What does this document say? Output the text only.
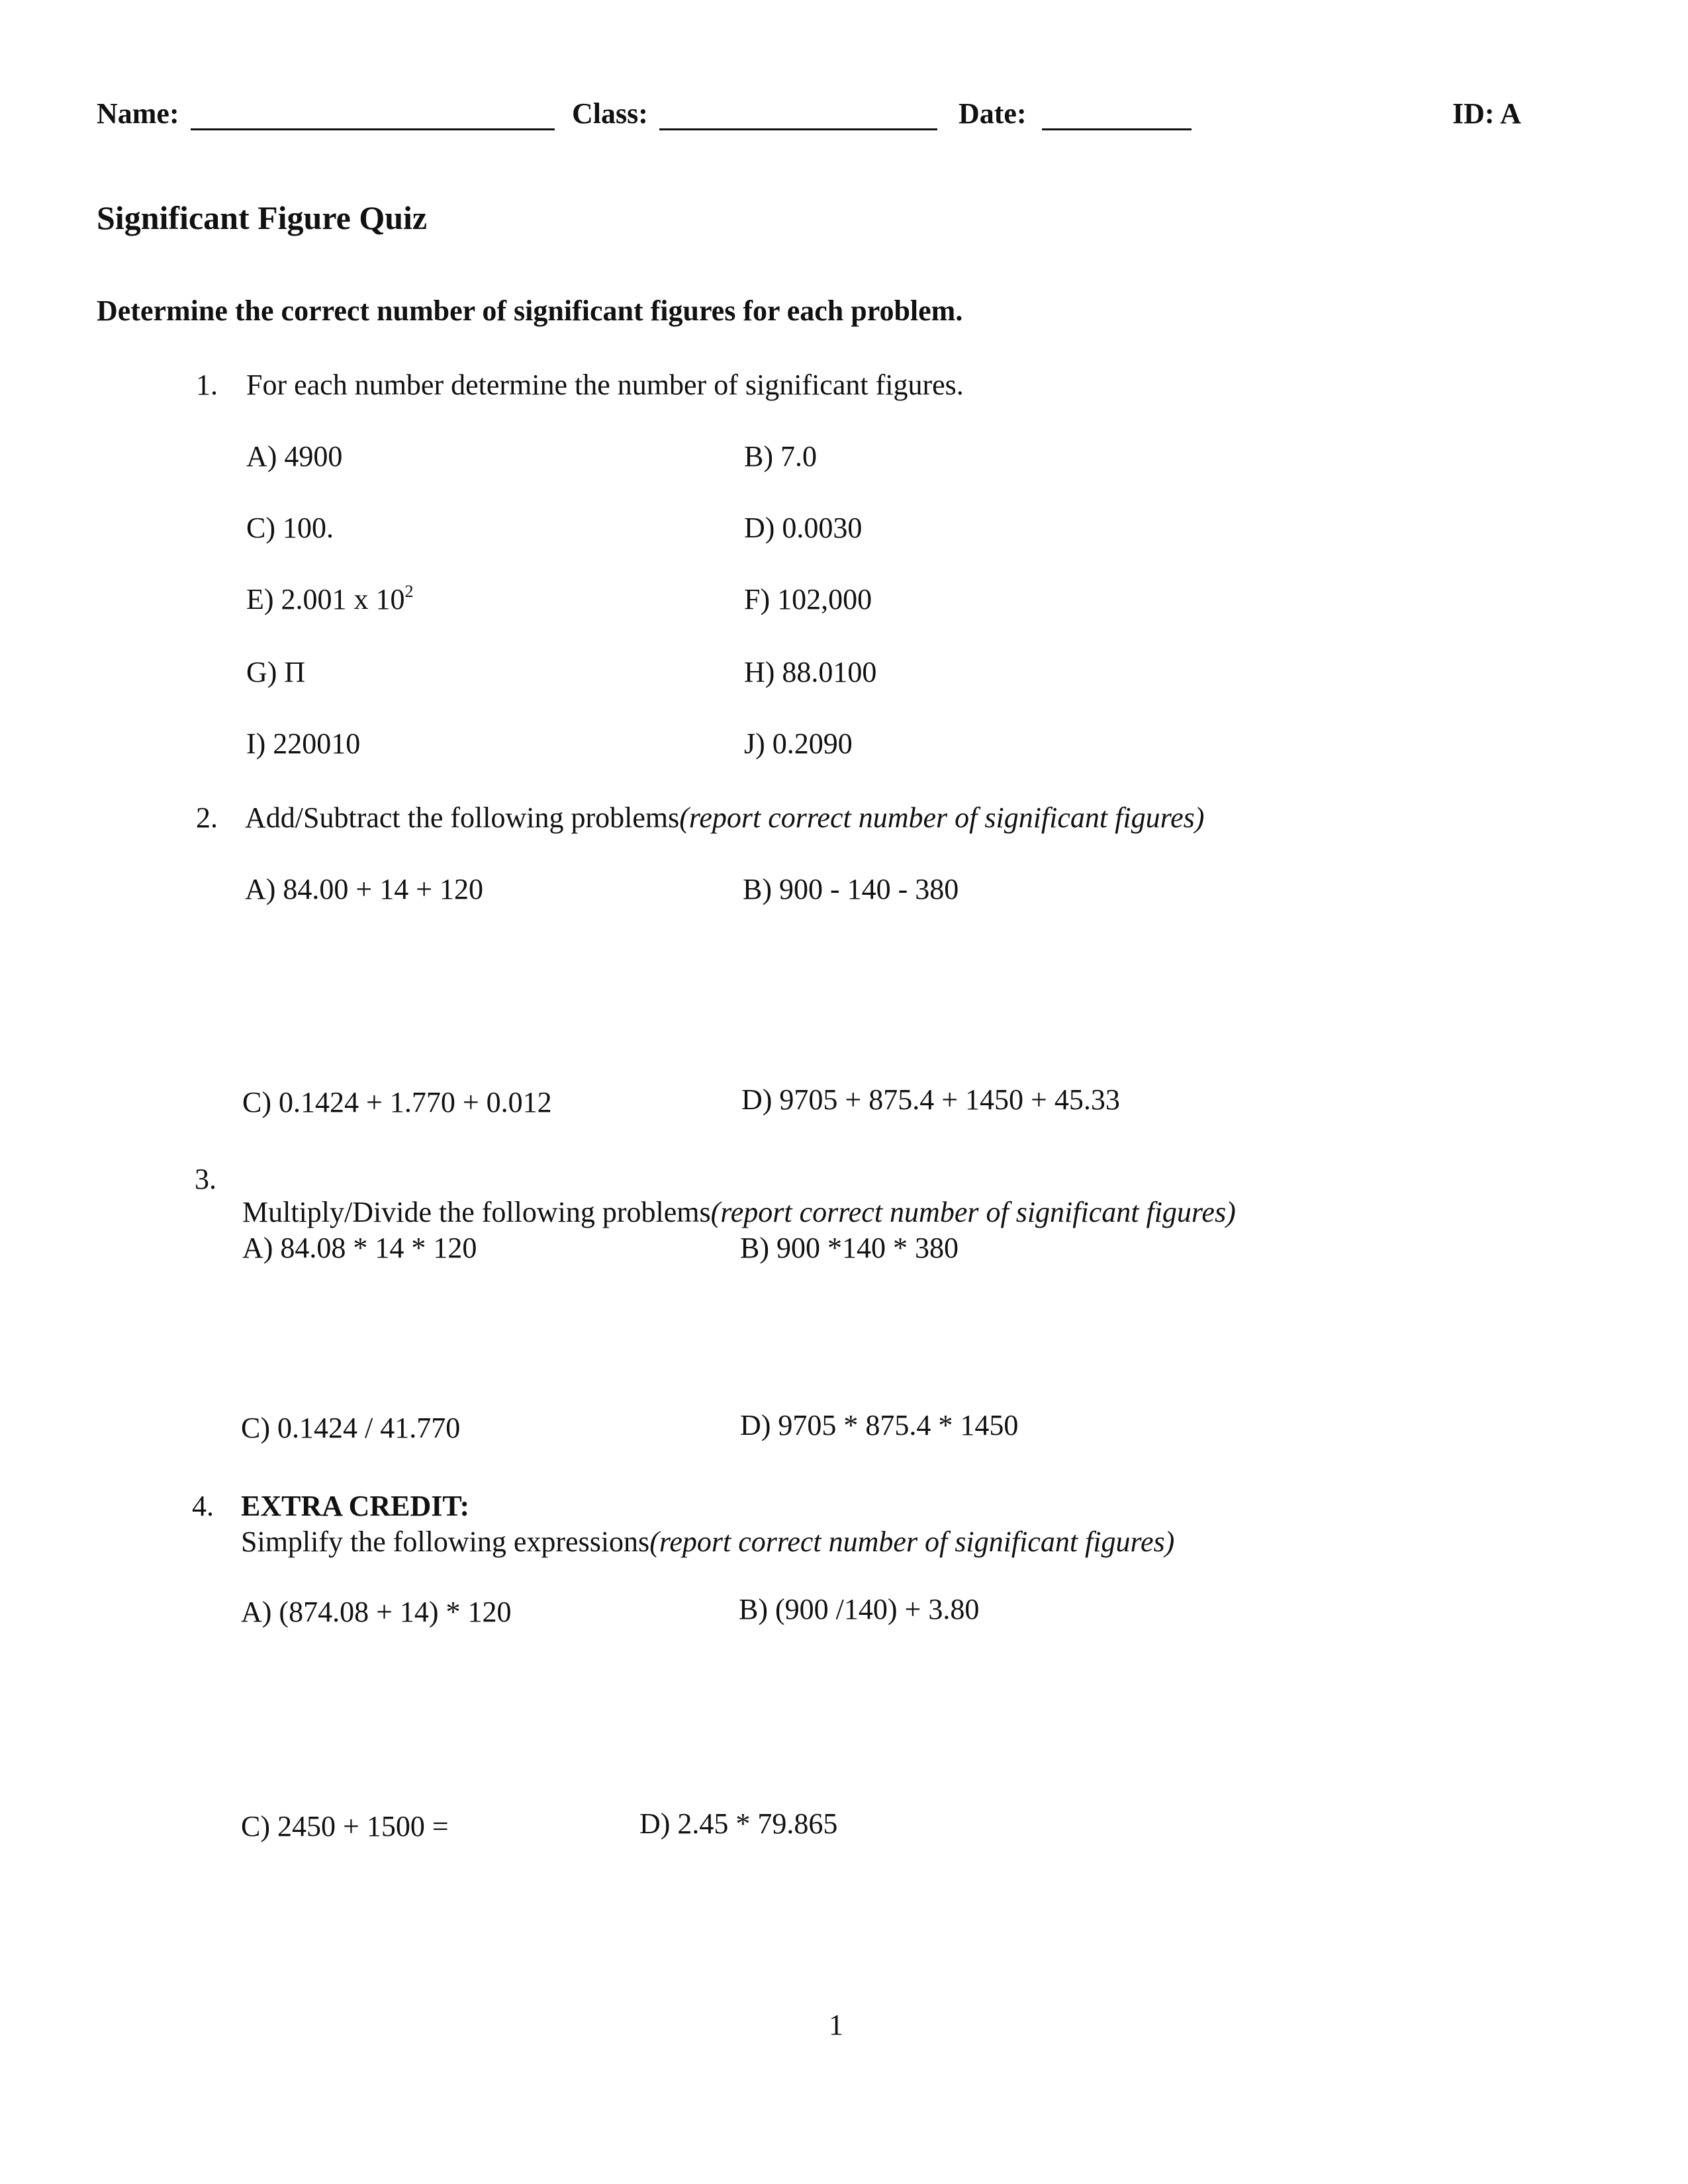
Name:	Class:	Date:	ID: A
Significant Figure Quiz
Determine the correct number of significant figures for each problem.
1. For each number determine the number of significant figures.
A) 4900	B) 7.0
C) 100.	D) 0.0030
E) 2.001 x $10^2$	F) 102,000
G) Π	H) 88.0100
I) 220010	J) 0.2090
2. Add/Subtract the following problems(report correct number of significant figures)
A) 84.00 + 14 + 120	B) 900 - 140 - 380
C) 0.1424 + 1.770 + 0.012	D) 9705 + 875.4 + 1450 + 45.33
3.
Multiply/Divide the following problems(report correct number of significant figures)
A) 84.08 * 14 * 120	B) 900 *140 * 380
C) 0.1424 / 41.770	D) 9705 * 875.4 * 1450
4. EXTRA CREDIT:
Simplify the following expressions(report correct number of significant figures)
A) (874.08 + 14) * 120	B) (900 /140) + 3.80
C) 2450 + 1500 =	D) 2.45 * 79.865
1
